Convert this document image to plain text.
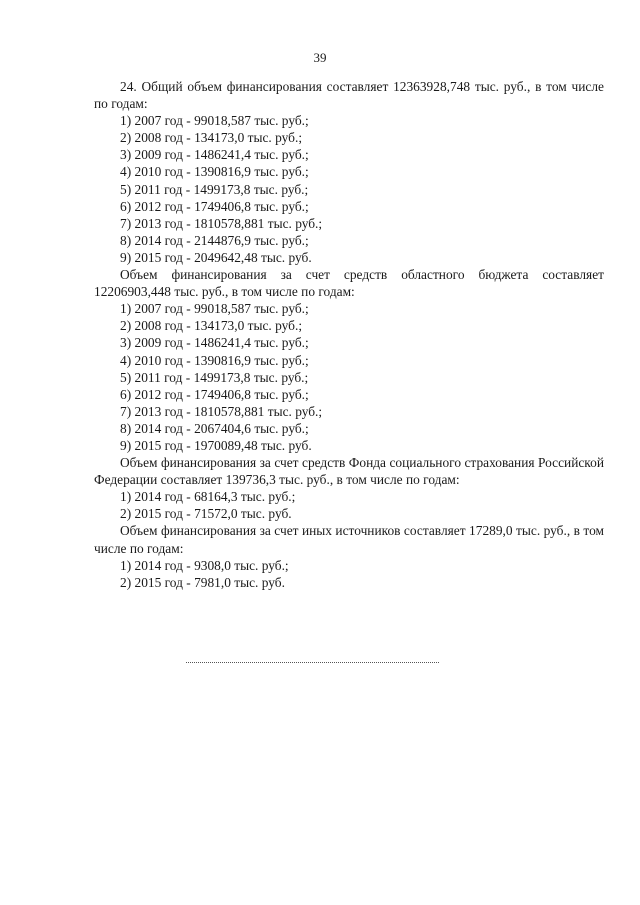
39

24. Общий объем финансирования составляет 12363928,748 тыс. руб., в том числе по годам:

1) 2007 год - 99018,587 тыс. руб.;

2) 2008 год - 134173,0 тыс. руб.;

3) 2009 год - 1486241,4 тыс. руб.;

4) 2010 год - 1390816,9 тыс. руб.;

5) 2011 год - 1499173,8 тыс. руб.;

6) 2012 год - 1749406,8 тыс. руб.;

7) 2013 год - 1810578,881 тыс. руб.;

8) 2014 год - 2144876,9 тыс. руб.;

9) 2015 год - 2049642,48 тыс. руб.

Объем финансирования за счет средств областного бюджета составляет 12206903,448 тыс. руб., в том числе по годам:

1) 2007 год - 99018,587 тыс. руб.;

2) 2008 год - 134173,0 тыс. руб.;

3) 2009 год - 1486241,4 тыс. руб.;

4) 2010 год - 1390816,9 тыс. руб.;

5) 2011 год - 1499173,8 тыс. руб.;

6) 2012 год - 1749406,8 тыс. руб.;

7) 2013 год - 1810578,881 тыс. руб.;

8) 2014 год - 2067404,6 тыс. руб.;

9) 2015 год - 1970089,48 тыс. руб.

Объем финансирования за счет средств Фонда социального страхования Российской Федерации составляет 139736,3 тыс. руб., в том числе по годам:

1) 2014 год - 68164,3 тыс. руб.;

2) 2015 год - 71572,0 тыс. руб.

Объем финансирования за счет иных источников составляет 17289,0 тыс. руб., в том числе по годам:

1) 2014 год - 9308,0 тыс. руб.;

2) 2015 год - 7981,0 тыс. руб.
